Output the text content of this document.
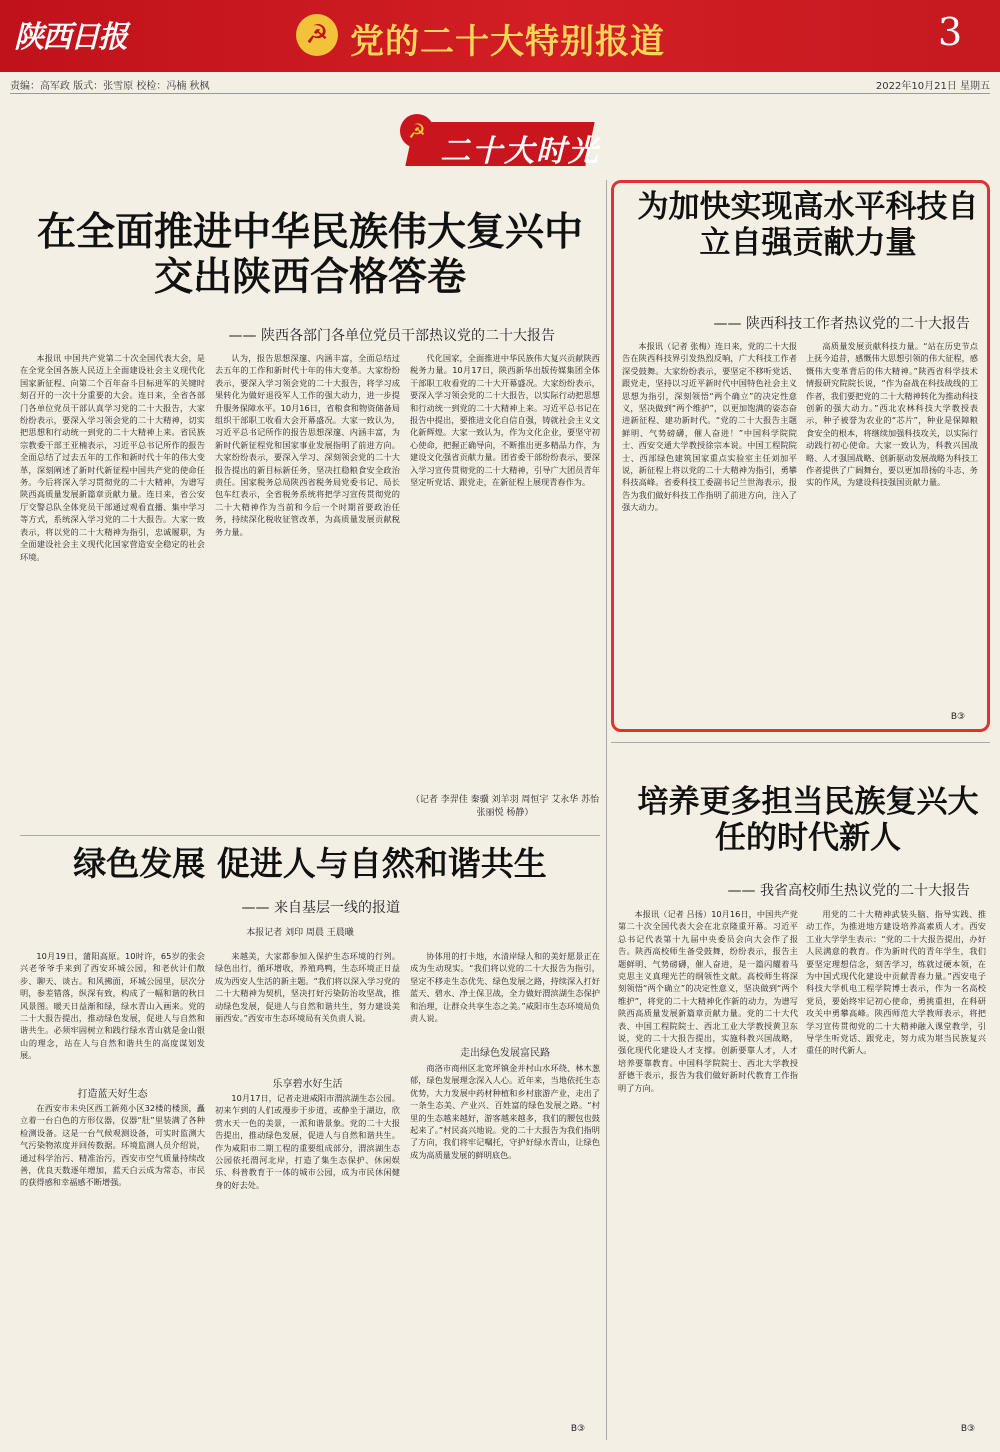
陕西日报	☭ 党的二十大特别报道	3
责编：高军政 版式：张雪原 校检：冯楠 秋枫	2022年10月21日 星期五
☭
二十大时光
在全面推进中华民族伟大复兴中交出陕西合格答卷
—— 陕西各部门各单位党员干部热议党的二十大报告

本报讯 中国共产党第二十次全国代表大会，是在全党全国各族人民迈上全面建设社会主义现代化国家新征程、向第二个百年奋斗目标进军的关键时刻召开的一次十分重要的大会。连日来，全省各部门各单位党员干部认真学习党的二十大报告，大家纷纷表示，要深入学习领会党的二十大精神，切实把思想和行动统一到党的二十大精神上来。省民族宗教委干部王亚楠表示，习近平总书记所作的报告全面总结了过去五年的工作和新时代十年的伟大变革，深刻阐述了新时代新征程中国共产党的使命任务。今后将深入学习贯彻党的二十大精神，为谱写陕西高质量发展新篇章贡献力量。连日来，省公安厅交警总队全体党员干部通过观看直播、集中学习等方式，系统深入学习党的二十大报告。大家一致表示，将以党的二十大精神为指引，忠诚履职，为全面建设社会主义现代化国家营造安全稳定的社会环境。

认为，报告思想深邃、内涵丰富，全面总结过去五年的工作和新时代十年的伟大变革。大家纷纷表示，要深入学习领会党的二十大报告，将学习成果转化为做好退役军人工作的强大动力，进一步提升服务保障水平。10月16日，省粮食和物资储备局组织干部职工收看大会开幕盛况。大家一致认为，习近平总书记所作的报告思想深邃、内涵丰富，为新时代新征程党和国家事业发展指明了前进方向。大家纷纷表示，要深入学习、深刻领会党的二十大报告提出的新目标新任务，坚决扛稳粮食安全政治责任。国家税务总局陕西省税务局党委书记、局长包车红表示，全省税务系统将把学习宣传贯彻党的二十大精神作为当前和今后一个时期首要政治任务，持续深化税收征管改革，为高质量发展贡献税务力量。

代化国家，全面推进中华民族伟大复兴贡献陕西税务力量。10月17日，陕西新华出版传媒集团全体干部职工收看党的二十大开幕盛况。大家纷纷表示，要深入学习领会党的二十大报告，以实际行动把思想和行动统一到党的二十大精神上来。习近平总书记在报告中提出，要推进文化自信自强，铸就社会主义文化新辉煌。大家一致认为，作为文化企业，要坚守初心使命，把握正确导向，不断推出更多精品力作，为建设文化强省贡献力量。团省委干部纷纷表示，要深入学习宣传贯彻党的二十大精神，引导广大团员青年坚定听党话、跟党走，在新征程上展现青春作为。

（记者 李羿佳 秦骥 刘羊羽 周恒宇 艾永华 苏怡 张丽悦 杨静）
为加快实现高水平科技自立自强贡献力量
—— 陕西科技工作者热议党的二十大报告

本报讯（记者 张梅）连日来，党的二十大报告在陕西科技界引发热烈反响，广大科技工作者深受鼓舞。大家纷纷表示，要坚定不移听党话、跟党走，坚持以习近平新时代中国特色社会主义思想为指引，深刻领悟“两个确立”的决定性意义，坚决做到“两个维护”，以更加饱满的姿态奋进新征程、建功新时代。“党的二十大报告主题鲜明、气势磅礴，催人奋进！”中国科学院院士、西安交通大学教授徐宗本说。中国工程院院士、西部绿色建筑国家重点实验室主任刘加平说，新征程上将以党的二十大精神为指引，勇攀科技高峰。省委科技工委副书记兰世海表示，报告为我们做好科技工作指明了前进方向，注入了强大动力。

高质量发展贡献科技力量。“站在历史节点上抚今追昔，感慨伟大思想引领的伟大征程，感慨伟大变革背后的伟大精神。”陕西省科学技术情报研究院院长说，“作为奋战在科技战线的工作者，我们要把党的二十大精神转化为推动科技创新的强大动力。”西北农林科技大学教授表示，种子被誉为农业的“芯片”，种业是保障粮食安全的根本，将继续加强科技攻关，以实际行动践行初心使命。大家一致认为，科教兴国战略、人才强国战略、创新驱动发展战略为科技工作者提供了广阔舞台，要以更加昂扬的斗志、务实的作风，为建设科技强国贡献力量。

B③
绿色发展 促进人与自然和谐共生
—— 来自基层一线的报道
本报记者 刘印 周晨 王晨曦

10月19日，蒲阳高原。10时许，65岁的张会兴老爷爷手来到了西安环城公园，和老伙计们散步、聊天、谈古。和风拂面，环城公园里，层次分明，参差错落，纵深有致，构成了一幅和谐的秋日风景图。暖天日益渐和绿，绿水青山入画来。党的二十大报告提出，推动绿色发展，促进人与自然和谐共生。必须牢固树立和践行绿水青山就是金山银山的理念，站在人与自然和谐共生的高度谋划发展。

打造蓝天好生态

在西安市未央区西工新苑小区32楼的楼顶，矗立着一台白色的方形仪器，仪器“肚”里装满了各种检测设备。这是一台气候观测设备，可实时监测大气污染物浓度并回传数据。环境监测人员介绍说，通过科学治污、精准治污，西安市空气质量持续改善，优良天数逐年增加，蓝天白云成为常态，市民的获得感和幸福感不断增强。

来越美，大家都参加入保护生态环境的行列。绿色出行，循环增收，养殖鸡鸭，生态环境正日益成为西安人生活的新主题。“我们将以深入学习党的二十大精神为契机，坚决打好污染防治攻坚战，推动绿色发展，促进人与自然和谐共生，努力建设美丽西安。”西安市生态环境局有关负责人说。

乐享碧水好生活

10月17日，记者走进咸阳市渭滨湖生态公园。初来乍到的人们或漫步于步道，或静坐于湖边，欣赏水天一色的美景，一派和谐景象。党的二十大报告提出，推动绿色发展，促进人与自然和谐共生。作为咸阳市二期工程的重要组成部分，渭滨湖生态公园依托渭河北岸，打造了集生态保护、休闲娱乐、科普教育于一体的城市公园，成为市民休闲健身的好去处。

协体用的打卡地，水清岸绿人和的美好愿景正在成为生动现实。“我们将以党的二十大报告为指引，坚定不移走生态优先、绿色发展之路，持续深入打好蓝天、碧水、净土保卫战，全力做好渭滨湖生态保护和治理，让群众共享生态之美。”咸阳市生态环境局负责人说。

走出绿色发展富民路

商洛市商州区北宽坪镇金井村山水环绕、林木葱郁，绿色发展理念深入人心。近年来，当地依托生态优势，大力发展中药材种植和乡村旅游产业，走出了一条生态美、产业兴、百姓富的绿色发展之路。“村里的生态越来越好，游客越来越多，我们的腰包也鼓起来了。”村民高兴地说。党的二十大报告为我们指明了方向，我们将牢记嘱托，守护好绿水青山，让绿色成为高质量发展的鲜明底色。

B③
培养更多担当民族复兴大任的时代新人
—— 我省高校师生热议党的二十大报告

本报讯（记者 吕扬）10月16日，中国共产党第二十次全国代表大会在北京隆重开幕。习近平总书记代表第十九届中央委员会向大会作了报告。陕西高校师生备受鼓舞，纷纷表示，报告主题鲜明、气势磅礴，催人奋进，是一篇闪耀着马克思主义真理光芒的纲领性文献。高校师生将深刻领悟“两个确立”的决定性意义，坚决做到“两个维护”，将党的二十大精神化作新的动力，为谱写陕西高质量发展新篇章贡献力量。党的二十大代表、中国工程院院士、西北工业大学教授黄卫东说，党的二十大报告提出，实施科教兴国战略，强化现代化建设人才支撑。创新要靠人才，人才培养要靠教育。中国科学院院士、西北大学教授舒德干表示，报告为我们做好新时代教育工作指明了方向。

用党的二十大精神武装头脑、指导实践、推动工作，为推进地方建设培养高素质人才。西安工业大学学生表示：“党的二十大报告提出，办好人民满意的教育。作为新时代的青年学生，我们要坚定理想信念，刻苦学习，练就过硬本领，在为中国式现代化建设中贡献青春力量。”西安电子科技大学机电工程学院博士表示，作为一名高校党员，要始终牢记初心使命，勇挑重担，在科研攻关中勇攀高峰。陕西师范大学教师表示，将把学习宣传贯彻党的二十大精神融入课堂教学，引导学生听党话、跟党走，努力成为堪当民族复兴重任的时代新人。

B③
